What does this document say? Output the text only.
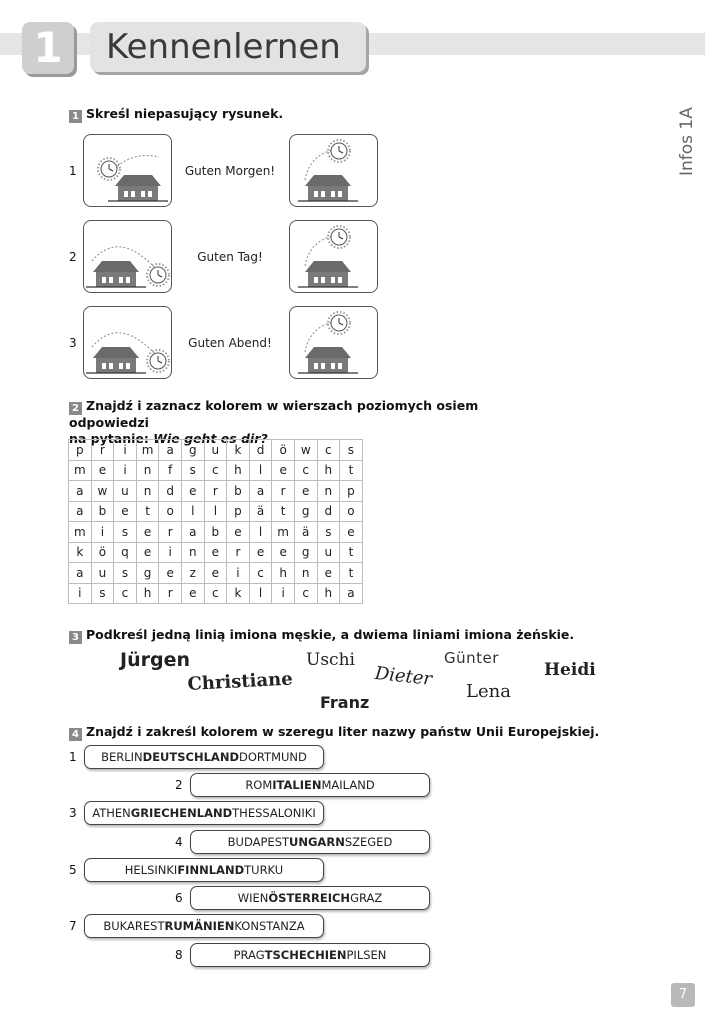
1	Kennenlernen
Infos 1A
1 Skreśl niepasujący rysunek.
1	Guten Morgen!
2	Guten Tag!
3	Guten Abend!
2 Znajdź i zaznacz kolorem w wierszach poziomych osiem odpowiedzi
na pytanie: Wie geht es dir?
p	r	i	m	a	g	u	k	d	ö	w	c	s
m	e	i	n	f	s	c	h	l	e	c	h	t
a	w	u	n	d	e	r	b	a	r	e	n	p
a	b	e	t	o	l	l	p	ä	t	g	d	o
m	i	s	e	r	a	b	e	l	m	ä	s	e
k	ö	q	e	i	n	e	r	e	e	g	u	t
a	u	s	g	e	z	e	i	c	h	n	e	t
i	s	c	h	r	e	c	k	l	i	c	h	a
3 Podkreśl jedną linią imiona męskie, a dwiema liniami imiona żeńskie.
Jürgen	Uschi	Günter
Heidi
Christiane	Dieter
Lena
Franz
4 Znajdź i zakreśl kolorem w szeregu liter nazwy państw Unii Europejskiej.
1	BERLINDEUTSCHLANDDORTMUND
2	ROMITALIENMAILAND
3	ATHENGRIECHENLANDTHESSALONIKI
4	BUDAPESTUNGARNSZEGED
5	HELSINKIFINNLANDTURKU
6	WIENÖSTERREICHGRAZ
7	BUKARESTRUMÄNIENKONSTANZA
8	PRAGTSCHECHIENPILSEN
7
